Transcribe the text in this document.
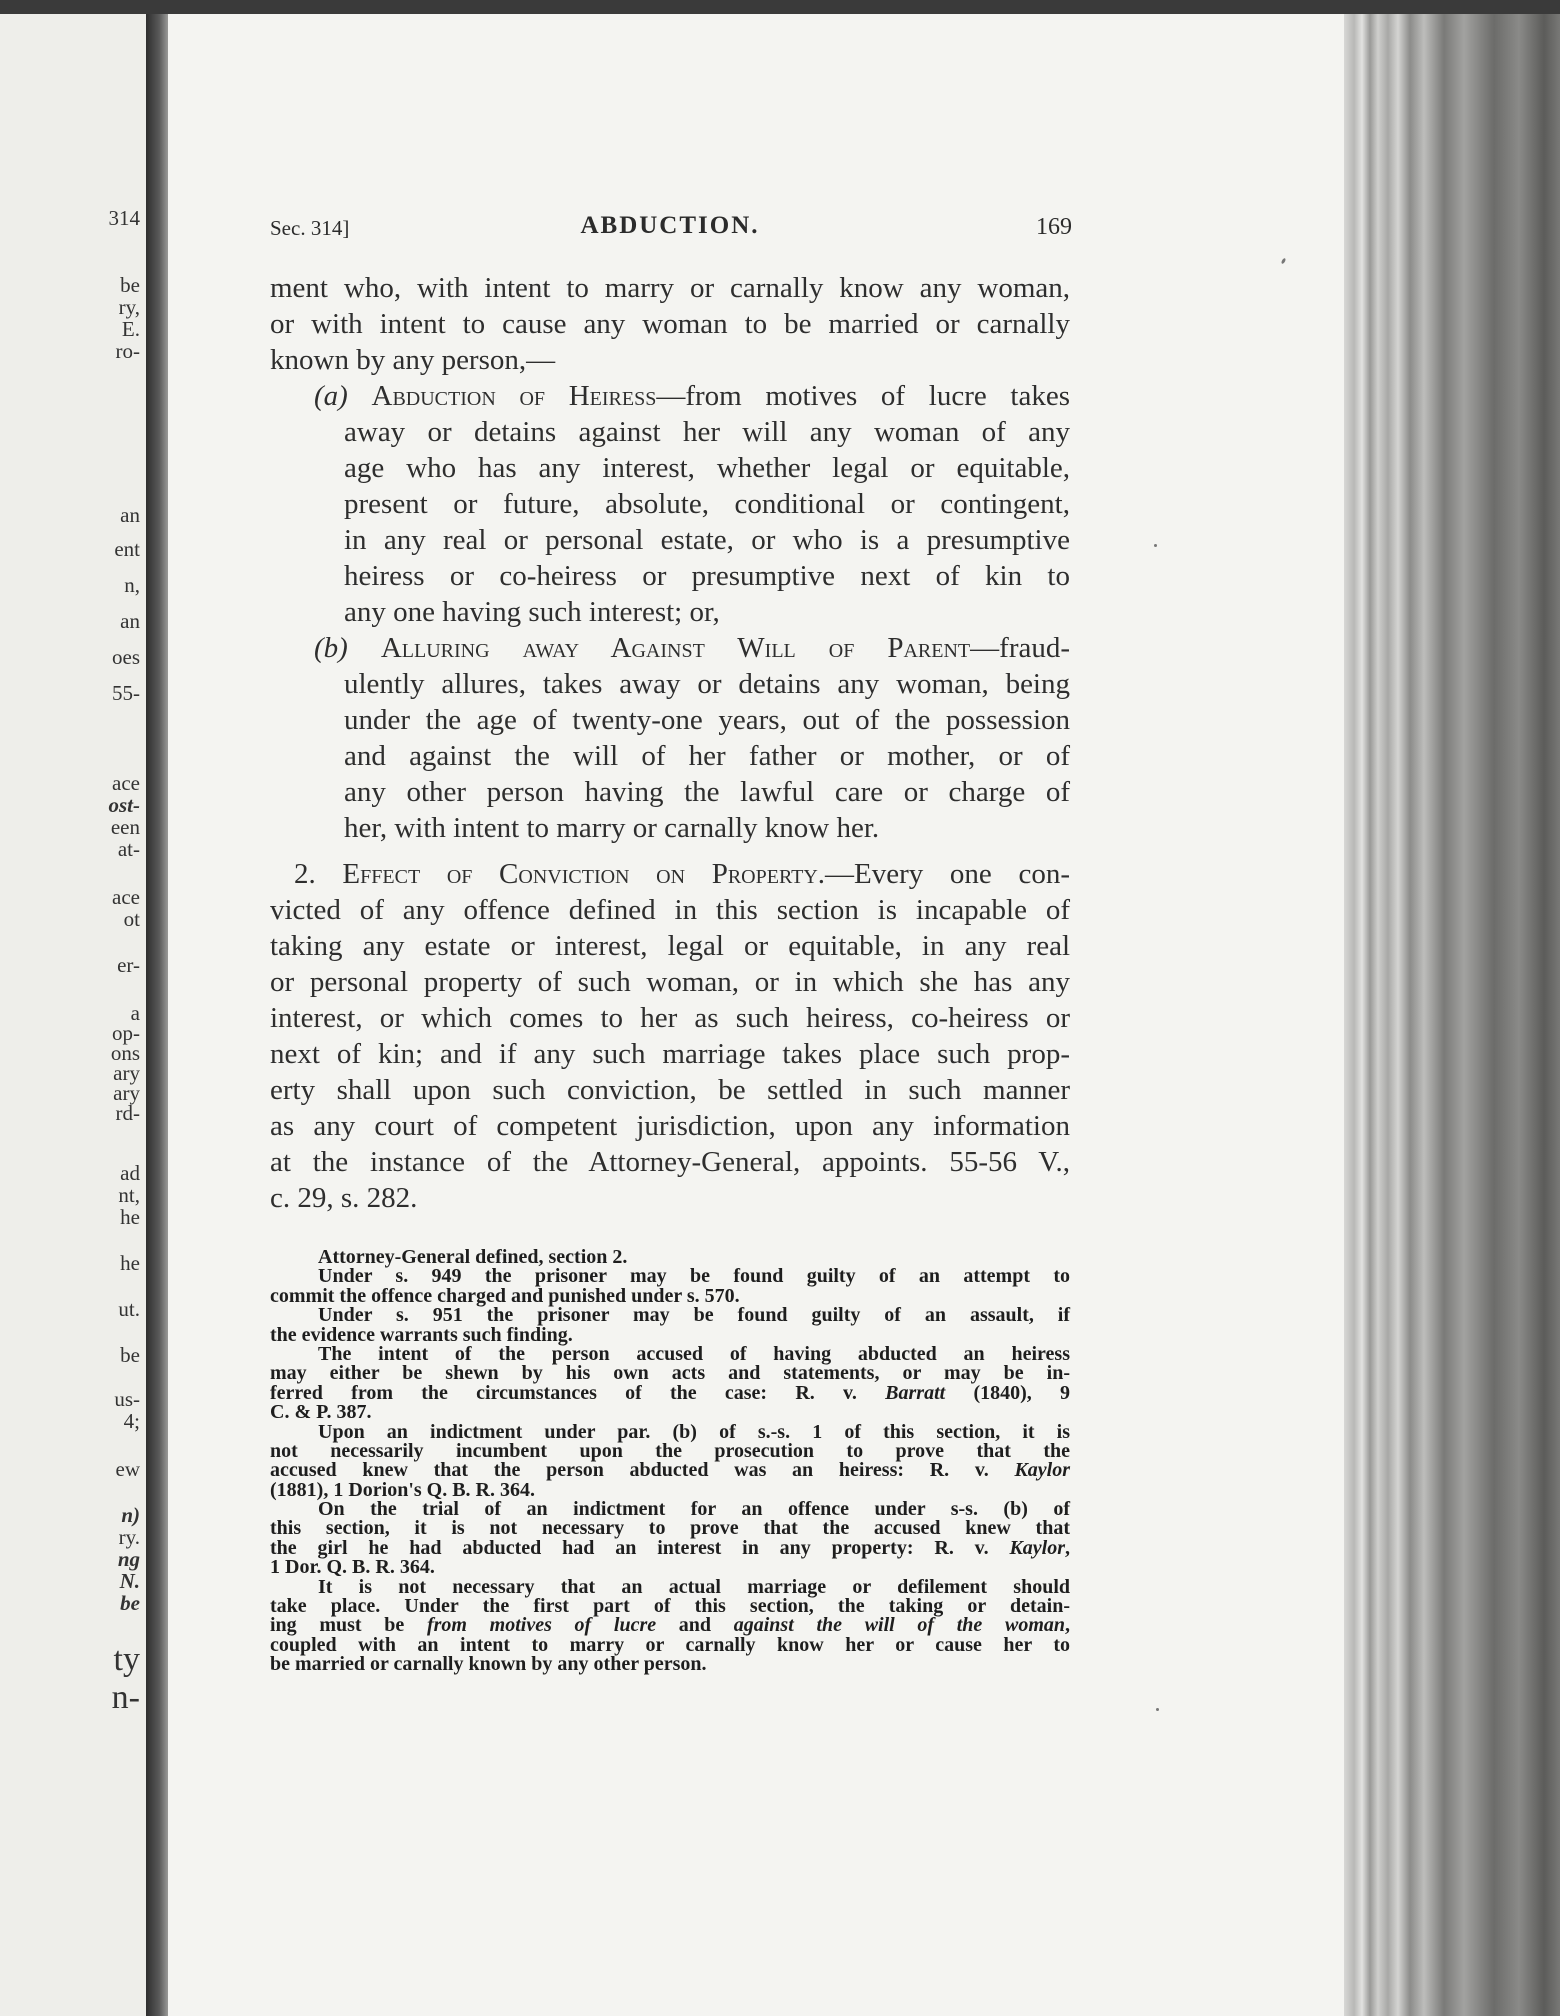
314
be
ry,
E.
ro-
an
ent
n,
an
oes
55-
ace
ost-
een
at-
ace
ot
er-
a
op-
ons
ary
ary
rd-
ad
nt,
he
he
ut.
be
us-
4;
ew
n)
ry.
ng
N.
be
ty
n-
Sec. 314]	ABDUCTION.	169
ment who, with intent to marry or carnally know any woman,
or with intent to cause any woman to be married or carnally
known by any person,—
(a) Abduction of Heiress—from motives of lucre takes
away or detains against her will any woman of any
age who has any interest, whether legal or equitable,
present or future, absolute, conditional or contingent,
in any real or personal estate, or who is a presumptive
heiress or co-heiress or presumptive next of kin to
any one having such interest; or,
(b) Alluring away Against Will of Parent—fraud-
ulently allures, takes away or detains any woman, being
under the age of twenty-one years, out of the possession
and against the will of her father or mother, or of
any other person having the lawful care or charge of
her, with intent to marry or carnally know her.
2. Effect of Conviction on Property.—Every one con-
victed of any offence defined in this section is incapable of
taking any estate or interest, legal or equitable, in any real
or personal property of such woman, or in which she has any
interest, or which comes to her as such heiress, co-heiress or
next of kin; and if any such marriage takes place such prop-
erty shall upon such conviction, be settled in such manner
as any court of competent jurisdiction, upon any information
at the instance of the Attorney-General, appoints. 55-56 V.,
c. 29, s. 282.
Attorney-General defined, section 2.
Under s. 949 the prisoner may be found guilty of an attempt to
commit the offence charged and punished under s. 570.
Under s. 951 the prisoner may be found guilty of an assault, if
the evidence warrants such finding.
The intent of the person accused of having abducted an heiress
may either be shewn by his own acts and statements, or may be in-
ferred from the circumstances of the case: R. v. Barratt (1840), 9
C. & P. 387.
Upon an indictment under par. (b) of s.-s. 1 of this section, it is
not necessarily incumbent upon the prosecution to prove that the
accused knew that the person abducted was an heiress: R. v. Kaylor
(1881), 1 Dorion's Q. B. R. 364.
On the trial of an indictment for an offence under s-s. (b) of
this section, it is not necessary to prove that the accused knew that
the girl he had abducted had an interest in any property: R. v. Kaylor,
1 Dor. Q. B. R. 364.
It is not necessary that an actual marriage or defilement should
take place. Under the first part of this section, the taking or detain-
ing must be from motives of lucre and against the will of the woman,
coupled with an intent to marry or carnally know her or cause her to
be married or carnally known by any other person.
